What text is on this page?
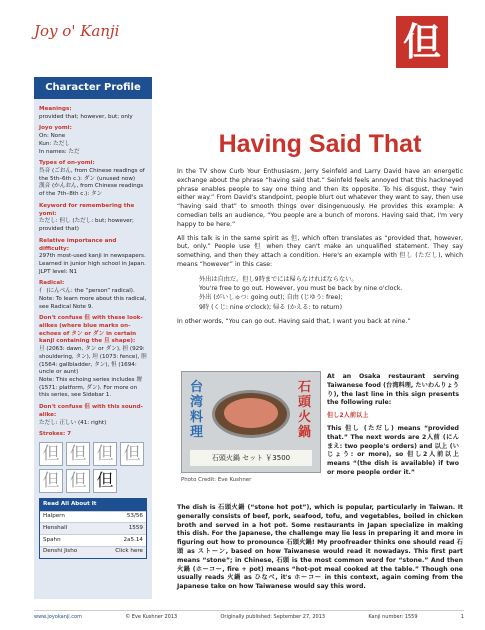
Joy o' Kanji	但
Character Profile
Meanings:
provided that; however, but; only
Joyo yomi:
On: None
Kun: ただし
In names: ただ
Types of on-yomi:
呉音 (ごおん, from Chinese readings of the 5th–6th c.): ダン (unused now)
漢音 (かんおん, from Chinese readings of the 7th–8th c.): タン
Keyword for remembering the yomi:
ただし: 但し (ただし: but; however; provided that)
Relative importance and difficulty:
297th most-used kanji in newspapers. Learned in junior high school in Japan. JLPT level: N1
Radical:
亻 (にんべん: the “person” radical). Note: To learn more about this radical, see Radical Note 9.
Don't confuse 但 with these look-alikes (where blue marks on-echoes of タン or ダン in certain kanji containing the 旦 shape):
旦 (2063: dawn, タン or ダン), 担 (929: shouldering, タン), 坦 (1073: fence), 胆 (1564: gallbladder, タン), 怛 (1694: uncle or aunt)
Note: This echoing series includes 壇 (1571: platform, ダン). For more on this series, see Sidebar 1.
Don't confuse 但 with this sound-alike:
ただし: 正しい (41: right)
Strokes: 7
但 但 但 但
但 但 但
Read All About It
Halpern	53/56
Henshall	1559
Spahn	2a5.14
Denshi Jisho	Click here
Having Said That

In the TV show Curb Your Enthusiasm, Jerry Seinfeld and Larry David have an energetic exchange about the phrase “having said that.” Seinfeld feels annoyed that this hackneyed phrase enables people to say one thing and then its opposite. To his disgust, they “win either way.” From David's standpoint, people blurt out whatever they want to say, then use “having said that” to smooth things over disingenuously. He provides this example: A comedian tells an audience, “You people are a bunch of morons. Having said that, I'm very happy to be here.”

All this talk is in the same spirit as 但, which often translates as “provided that, however, but, only.” People use 但 when they can't make an unqualified statement. They say something, and then they attach a condition. Here's an example with 但し (ただし), which means “however” in this case:

外出は自由だ。但し9時までには帰らなければならない。
You're free to go out. However, you must be back by nine o'clock.
外出 (がいしゅつ: going out); 自由 (じゆう: free);
9時 (くじ: nine o'clock); 帰る (かえる: to return)

In other words, “You can go out. Having said that, I want you back at nine.”

台湾料理
石頭火鍋
石頭火鍋 セット ￥3500
Photo Credit: Eve Kushner

At an Osaka restaurant serving Taiwanese food (台湾料理, たいわんりょうり), the last line in this sign presents the following rule:

但し2人前以上

This 但し (ただし) means “provided that.” The next words are 2人前 (にんまえ: two people's orders) and 以上 (いじょう: or more), so 但し2人前以上 means “(the dish is available) if two or more people order it.”

The dish is 石頭火鍋 (“stone hot pot”), which is popular, particularly in Taiwan. It generally consists of beef, pork, seafood, tofu, and vegetables, boiled in chicken broth and served in a hot pot. Some restaurants in Japan specialize in making this dish. For the Japanese, the challenge may lie less in preparing it and more in figuring out how to pronounce 石頭火鍋! My proofreader thinks one should read 石頭 as ストーン, based on how Taiwanese would read it nowadays. This first part means “stone”; in Chinese, 石頭 is the most common word for “stone.” And then 火鍋 (ホーコー, fire + pot) means “hot-pot meal cooked at the table.” Though one usually reads 火鍋 as ひなべ, it's ホーコー in this context, again coming from the Japanese take on how Taiwanese would say this word.
www.joyokanji.com	© Eve Kushner 2013	Originally published: September 27, 2013	Kanji number: 1559	1
